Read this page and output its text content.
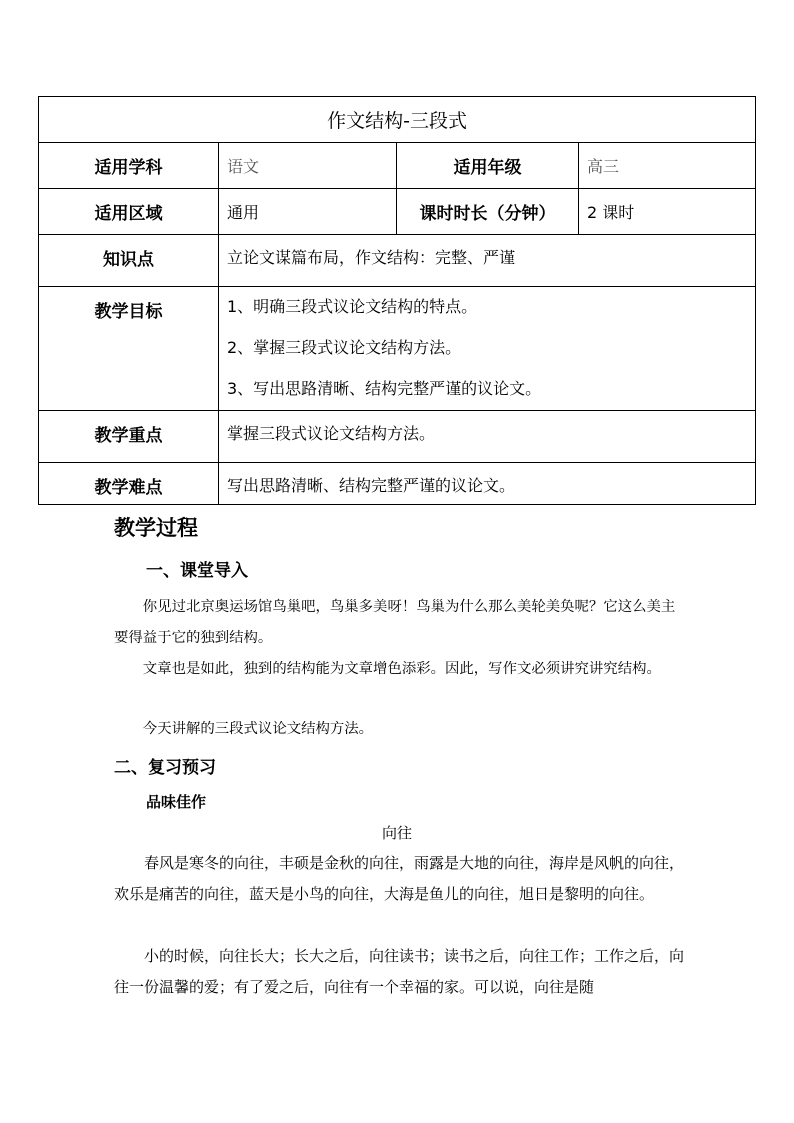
作文结构-三段式			
适用学科	语文	适用年级	高三
适用区域	通用	课时时长（分钟）	2 课时
知识点	立论文谋篇布局，作文结构：完整、严谨		
教学目标	1、明确三段式议论文结构的特点。
2、掌握三段式议论文结构方法。
3、写出思路清晰、结构完整严谨的议论文。		

教学重点	掌握三段式议论文结构方法。		
教学难点	写出思路清晰、结构完整严谨的议论文。		
教学过程
一、课堂导入

你见过北京奥运场馆鸟巢吧，鸟巢多美呀！鸟巢为什么那么美轮美奂呢？它这么美主要得益于它的独到结构。

文章也是如此，独到的结构能为文章增色添彩。因此，写作文必须讲究讲究结构。

今天讲解的三段式议论文结构方法。

二、复习预习

品味佳作

向往

春风是寒冬的向往，丰硕是金秋的向往，雨露是大地的向往，海岸是风帆的向往，欢乐是痛苦的向往，蓝天是小鸟的向往，大海是鱼儿的向往，旭日是黎明的向往。

小的时候，向往长大；长大之后，向往读书；读书之后，向往工作；工作之后，向往一份温馨的爱；有了爱之后，向往有一个幸福的家。可以说，向往是随
